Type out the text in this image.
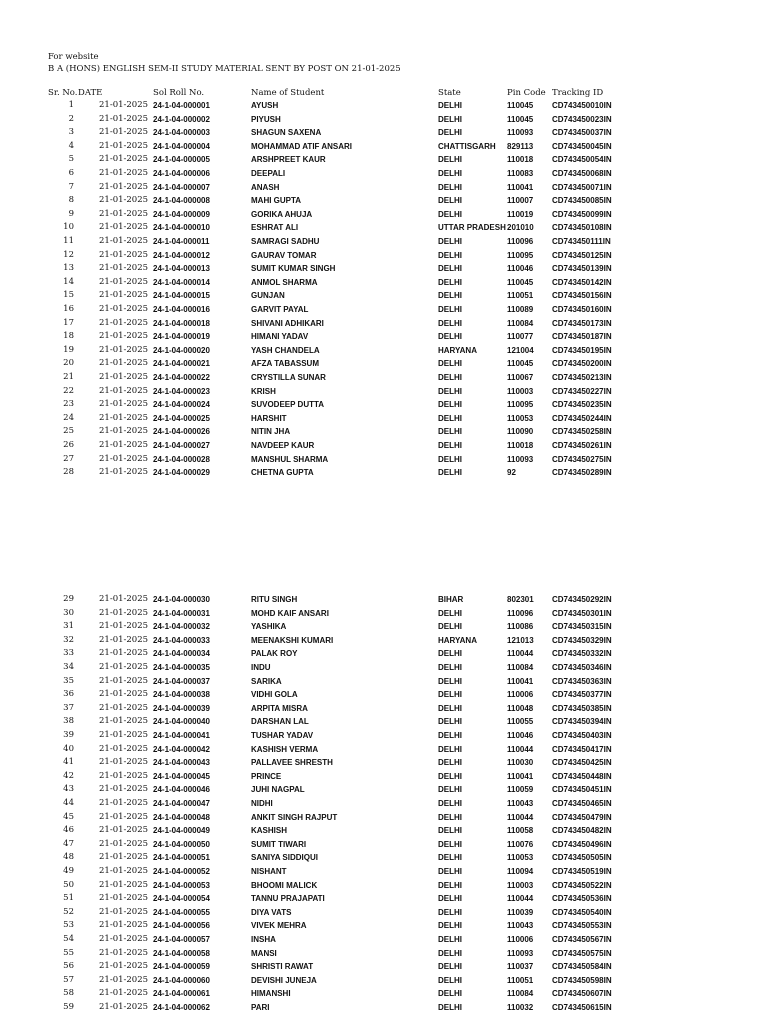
For website
B A (HONS) ENGLISH SEM-II STUDY MATERIAL SENT BY POST ON 21-01-2025
Sr. No. DATE	Sol Roll No.	Name of Student	State	Pin Code Tracking ID
1	21-01-2025 24-1-04-000001	AYUSH	DELHI	110045 CD743450010IN
2	21-01-2025 24-1-04-000002	PIYUSH	DELHI	110045 CD743450023IN
3	21-01-2025 24-1-04-000003	SHAGUN SAXENA	DELHI	110093 CD743450037IN
4	21-01-2025 24-1-04-000004	MOHAMMAD ATIF ANSARI	CHATTISGARH	829113 CD743450045IN
5	21-01-2025 24-1-04-000005	ARSHPREET KAUR	DELHI	110018 CD743450054IN
6	21-01-2025 24-1-04-000006	DEEPALI	DELHI	110083 CD743450068IN
7	21-01-2025 24-1-04-000007	ANASH	DELHI	110041 CD743450071IN
8	21-01-2025 24-1-04-000008	MAHI GUPTA	DELHI	110007 CD743450085IN
9	21-01-2025 24-1-04-000009	GORIKA AHUJA	DELHI	110019 CD743450099IN
10	21-01-2025 24-1-04-000010	ESHRAT ALI	UTTAR PRADESH 201010 CD743450108IN
11	21-01-2025 24-1-04-000011	SAMRAGI SADHU	DELHI	110096 CD743450111IN
12	21-01-2025 24-1-04-000012	GAURAV TOMAR	DELHI	110095 CD743450125IN
13	21-01-2025 24-1-04-000013	SUMIT KUMAR SINGH	DELHI	110046 CD743450139IN
14	21-01-2025 24-1-04-000014	ANMOL SHARMA	DELHI	110045 CD743450142IN
15	21-01-2025 24-1-04-000015	GUNJAN	DELHI	110051 CD743450156IN
16	21-01-2025 24-1-04-000016	GARVIT PAYAL	DELHI	110089 CD743450160IN
17	21-01-2025 24-1-04-000018	SHIVANI ADHIKARI	DELHI	110084 CD743450173IN
18	21-01-2025 24-1-04-000019	HIMANI YADAV	DELHI	110077 CD743450187IN
19	21-01-2025 24-1-04-000020	YASH CHANDELA	HARYANA	121004 CD743450195IN
20	21-01-2025 24-1-04-000021	AFZA TABASSUM	DELHI	110045 CD743450200IN
21	21-01-2025 24-1-04-000022	CRYSTILLA SUNAR	DELHI	110067 CD743450213IN
22	21-01-2025 24-1-04-000023	KRISH	DELHI	110003 CD743450227IN
23	21-01-2025 24-1-04-000024	SUVODEEP DUTTA	DELHI	110095 CD743450235IN
24	21-01-2025 24-1-04-000025	HARSHIT	DELHI	110053 CD743450244IN
25	21-01-2025 24-1-04-000026	NITIN JHA	DELHI	110090 CD743450258IN
26	21-01-2025 24-1-04-000027	NAVDEEP KAUR	DELHI	110018 CD743450261IN
27	21-01-2025 24-1-04-000028	MANSHUL SHARMA	DELHI	110093 CD743450275IN
28	21-01-2025 24-1-04-000029	CHETNA GUPTA	DELHI	92	CD743450289IN
29	21-01-2025 24-1-04-000030	RITU SINGH	BIHAR	802301 CD743450292IN
30	21-01-2025 24-1-04-000031	MOHD KAIF ANSARI	DELHI	110096 CD743450301IN
31	21-01-2025 24-1-04-000032	YASHIKA	DELHI	110086 CD743450315IN
32	21-01-2025 24-1-04-000033	MEENAKSHI KUMARI	HARYANA	121013 CD743450329IN
33	21-01-2025 24-1-04-000034	PALAK ROY	DELHI	110044 CD743450332IN
34	21-01-2025 24-1-04-000035	INDU	DELHI	110084 CD743450346IN
35	21-01-2025 24-1-04-000037	SARIKA	DELHI	110041 CD743450363IN
36	21-01-2025 24-1-04-000038	VIDHI GOLA	DELHI	110006 CD743450377IN
37	21-01-2025 24-1-04-000039	ARPITA MISRA	DELHI	110048 CD743450385IN
38	21-01-2025 24-1-04-000040	DARSHAN LAL	DELHI	110055 CD743450394IN
39	21-01-2025 24-1-04-000041	TUSHAR YADAV	DELHI	110046 CD743450403IN
40	21-01-2025 24-1-04-000042	KASHISH VERMA	DELHI	110044 CD743450417IN
41	21-01-2025 24-1-04-000043	PALLAVEE SHRESTH	DELHI	110030 CD743450425IN
42	21-01-2025 24-1-04-000045	PRINCE	DELHI	110041 CD743450448IN
43	21-01-2025 24-1-04-000046	JUHI NAGPAL	DELHI	110059 CD743450451IN
44	21-01-2025 24-1-04-000047	NIDHI	DELHI	110043 CD743450465IN
45	21-01-2025 24-1-04-000048	ANKIT SINGH RAJPUT	DELHI	110044 CD743450479IN
46	21-01-2025 24-1-04-000049	KASHISH	DELHI	110058 CD743450482IN
47	21-01-2025 24-1-04-000050	SUMIT TIWARI	DELHI	110076 CD743450496IN
48	21-01-2025 24-1-04-000051	SANIYA SIDDIQUI	DELHI	110053 CD743450505IN
49	21-01-2025 24-1-04-000052	NISHANT	DELHI	110094 CD743450519IN
50	21-01-2025 24-1-04-000053	BHOOMI MALICK	DELHI	110003 CD743450522IN
51	21-01-2025 24-1-04-000054	TANNU PRAJAPATI	DELHI	110044 CD743450536IN
52	21-01-2025 24-1-04-000055	DIYA VATS	DELHI	110039 CD743450540IN
53	21-01-2025 24-1-04-000056	VIVEK MEHRA	DELHI	110043 CD743450553IN
54	21-01-2025 24-1-04-000057	INSHA	DELHI	110006 CD743450567IN
55	21-01-2025 24-1-04-000058	MANSI	DELHI	110093 CD743450575IN
56	21-01-2025 24-1-04-000059	SHRISTI RAWAT	DELHI	110037 CD743450584IN
57	21-01-2025 24-1-04-000060	DEVISHI JUNEJA	DELHI	110051 CD743450598IN
58	21-01-2025 24-1-04-000061	HIMANSHI	DELHI	110084 CD743450607IN
59	21-01-2025 24-1-04-000062	PARI	DELHI	110032 CD743450615IN
